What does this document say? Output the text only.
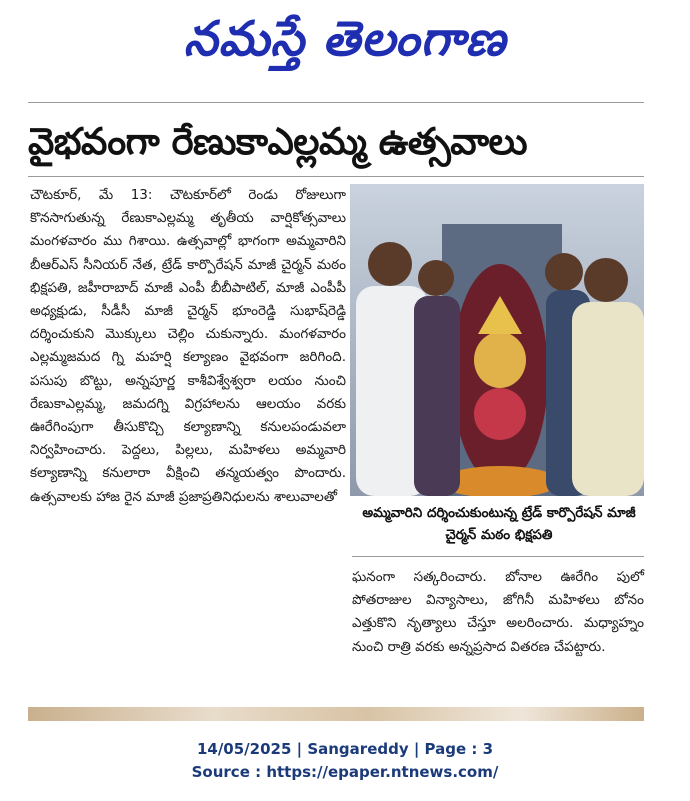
నమస్తే తెలంగాణ
వైభవంగా రేణుకాఎల్లమ్మ ఉత్సవాలు

చౌటకూర్, మే 13: చౌటకూర్‌లో రెండు రోజులుగా కొనసాగుతున్న రేణుకాఎల్లమ్మ తృతీయ వార్షికోత్సవాలు మంగళవారం ము గిశాయి. ఉత్సవాల్లో భాగంగా అమ్మవారిని బీఆర్‌ఎస్ సీనియర్ నేత, ట్రేడ్ కార్పొరేషన్ మాజీ చైర్మన్ మఠం భిక్షపతి, జహీరాబాద్ మాజీ ఎంపీ బీబీపాటిల్, మాజీ ఎంపీపీ అధ్యక్షుడు, సీడీసీ మాజీ చైర్మన్ భూంరెడ్డి సుభాష్‌రెడ్డి దర్శించుకుని మొక్కులు చెల్లిం చుకున్నారు. మంగళవారం ఎల్లమ్మజమద గ్ని మహర్షి కల్యాణం వైభవంగా జరిగింది. పసుపు బొట్టు, అన్నపూర్ణ కాశీవిశ్వేశ్వరా లయం నుంచి రేణుకాఎల్లమ్మ, జమదగ్ని విగ్రహాలను ఆలయం వరకు ఊరేగింపుగా తీసుకొచ్చి కల్యాణాన్ని కనులపండువలా నిర్వహించారు. పెద్దలు, పిల్లలు, మహిళలు అమ్మవారి కల్యాణాన్ని కనులారా వీక్షించి తన్మయత్వం పొందారు. ఉత్సవాలకు హాజ రైన మాజీ ప్రజాప్రతినిధులను శాలువాలతో

అమ్మవారిని దర్శించుకుంటున్న ట్రేడ్ కార్పొరేషన్ మాజీ చైర్మన్ మఠం భిక్షపతి

ఘనంగా సత్కరించారు. బోనాల ఊరేగిం పులో పోతరాజుల విన్యాసాలు, జోగినీ మహిళలు బోనం ఎత్తుకొని నృత్యాలు చేస్తూ అలరించారు. మధ్యాహ్నం నుంచి రాత్రి వరకు అన్నప్రసాద వితరణ చేపట్టారు.

14/05/2025 | Sangareddy | Page : 3
Source : https://epaper.ntnews.com/
